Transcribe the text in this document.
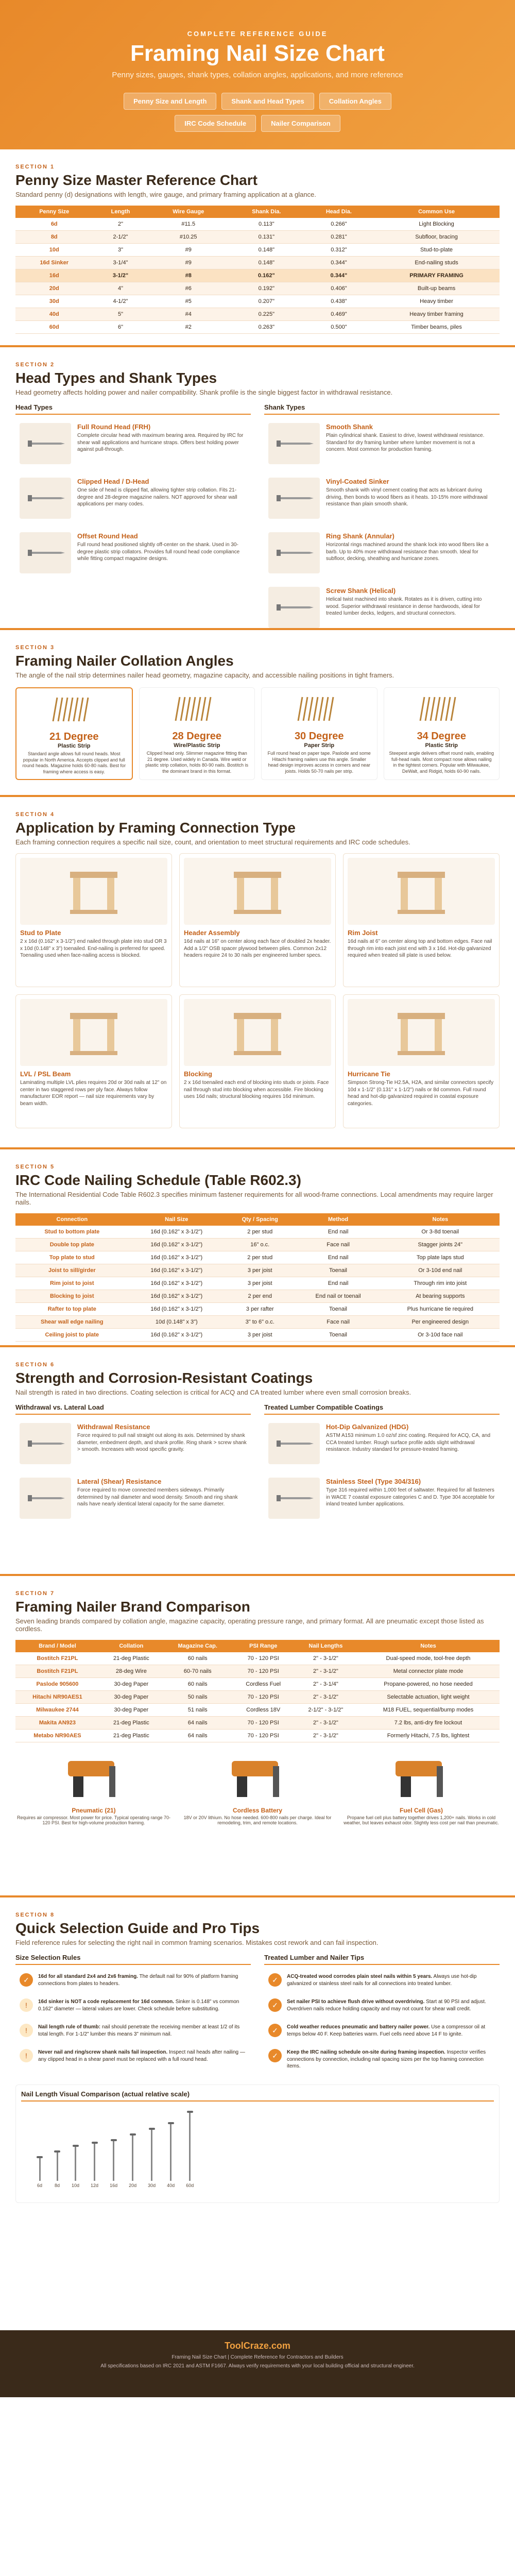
COMPLETE REFERENCE GUIDE
Framing Nail Size Chart
Penny sizes, gauges, shank types, collation angles, applications, and more reference
Penny Size and Length	Shank and Head Types	Collation Angles
IRC Code Schedule	Nailer Comparison
SECTION 1
Penny Size Master Reference Chart
Standard penny (d) designations with length, wire gauge, and primary framing application at a glance.
Penny Size	Length	Wire Gauge	Shank Dia.	Head Dia.	Common Use
6d	2"	#11.5	0.113"	0.266"	Light Blocking
8d	2-1/2"	#10.25	0.131"	0.281"	Subfloor, bracing
10d	3"	#9	0.148"	0.312"	Stud-to-plate
16d Sinker	3-1/4"	#9	0.148"	0.344"	End-nailing studs
16d	3-1/2"	#8	0.162"	0.344"	PRIMARY FRAMING
20d	4"	#6	0.192"	0.406"	Built-up beams
30d	4-1/2"	#5	0.207"	0.438"	Heavy timber
40d	5"	#4	0.225"	0.469"	Heavy timber framing
60d	6"	#2	0.263"	0.500"	Timber beams, piles
SECTION 2
Head Types and Shank Types
Head geometry affects holding power and nailer compatibility. Shank profile is the single biggest factor in withdrawal resistance.
Head Types
Full Round Head (FRH)
Complete circular head with maximum bearing area. Required by IRC for shear wall applications and hurricane straps. Offers best holding power against pull-through.
Clipped Head / D-Head
One side of head is clipped flat, allowing tighter strip collation. Fits 21-degree and 28-degree magazine nailers. NOT approved for shear wall applications per many codes.
Offset Round Head
Full round head positioned slightly off-center on the shank. Used in 30-degree plastic strip collators. Provides full round head code compliance while fitting compact magazine designs.
Shank Types
Smooth Shank
Plain cylindrical shank. Easiest to drive, lowest withdrawal resistance. Standard for dry framing lumber where lumber movement is not a concern. Most common for production framing.
Vinyl-Coated Sinker
Smooth shank with vinyl cement coating that acts as lubricant during driving, then bonds to wood fibers as it heats. 10-15% more withdrawal resistance than plain smooth shank.
Ring Shank (Annular)
Horizontal rings machined around the shank lock into wood fibers like a barb. Up to 40% more withdrawal resistance than smooth. Ideal for subfloor, decking, sheathing and hurricane zones.
Screw Shank (Helical)
Helical twist machined into shank. Rotates as it is driven, cutting into wood. Superior withdrawal resistance in dense hardwoods, ideal for treated lumber decks, ledgers, and structural connectors.
SECTION 3
Framing Nailer Collation Angles
The angle of the nail strip determines nailer head geometry, magazine capacity, and accessible nailing positions in tight framers.
21 Degree
Plastic Strip
Standard angle allows full round heads. Most popular in North America. Accepts clipped and full round heads. Magazine holds 60-80 nails. Best for framing where access is easy.
28 Degree
Wire/Plastic Strip
Clipped head only. Slimmer magazine fitting than 21 degree. Used widely in Canada. Wire weld or plastic strip collation, holds 80-90 nails. Bostitch is the dominant brand in this format.
30 Degree
Paper Strip
Full round head on paper tape. Paslode and some Hitachi framing nailers use this angle. Smaller head design improves access in corners and near joists. Holds 50-70 nails per strip.
34 Degree
Plastic Strip
Steepest angle delivers offset round nails, enabling full-head nails. Most compact nose allows nailing in the tightest corners. Popular with Milwaukee, DeWalt, and Ridgid, holds 60-90 nails.
SECTION 4
Application by Framing Connection Type
Each framing connection requires a specific nail size, count, and orientation to meet structural requirements and IRC code schedules.
Stud to Plate
2 x 16d (0.162" x 3-1/2") end nailed through plate into stud OR 3 x 10d (0.148" x 3") toenailed. End-nailing is preferred for speed. Toenailing used when face-nailing access is blocked.
Header Assembly
16d nails at 16" on center along each face of doubled 2x header. Add a 1/2" OSB spacer plywood between plies. Common 2x12 headers require 24 to 30 nails per engineered lumber specs.
Rim Joist
16d nails at 6" on center along top and bottom edges. Face nail through rim into each joist end with 3 x 16d. Hot-dip galvanized required when treated sill plate is used below.
LVL / PSL Beam
Laminating multiple LVL plies requires 20d or 30d nails at 12" on center in two staggered rows per ply face. Always follow manufacturer EOR report — nail size requirements vary by beam width.
Blocking
2 x 16d toenailed each end of blocking into studs or joists. Face nail through stud into blocking when accessible. Fire blocking uses 16d nails; structural blocking requires 16d minimum.
Hurricane Tie
Simpson Strong-Tie H2.5A, H2A, and similar connectors specify 10d x 1-1/2" (0.131" x 1-1/2") nails or 8d common. Full round head and hot-dip galvanized required in coastal exposure categories.
SECTION 5
IRC Code Nailing Schedule (Table R602.3)
The International Residential Code Table R602.3 specifies minimum fastener requirements for all wood-frame connections. Local amendments may require larger nails.
Connection	Nail Size	Qty / Spacing	Method	Notes
Stud to bottom plate	16d (0.162" x 3-1/2")	2 per stud	End nail	Or 3-8d toenail
Double top plate	16d (0.162" x 3-1/2")	16" o.c.	Face nail	Stagger joints 24"
Top plate to stud	16d (0.162" x 3-1/2")	2 per stud	End nail	Top plate laps stud
Joist to sill/girder	16d (0.162" x 3-1/2")	3 per joist	Toenail	Or 3-10d end nail
Rim joist to joist	16d (0.162" x 3-1/2")	3 per joist	End nail	Through rim into joist
Blocking to joist	16d (0.162" x 3-1/2")	2 per end	End nail or toenail	At bearing supports
Rafter to top plate	16d (0.162" x 3-1/2")	3 per rafter	Toenail	Plus hurricane tie required
Shear wall edge nailing	10d (0.148" x 3")	3" to 6" o.c.	Face nail	Per engineered design
Ceiling joist to plate	16d (0.162" x 3-1/2")	3 per joist	Toenail	Or 3-10d face nail
SECTION 6
Strength and Corrosion-Resistant Coatings
Nail strength is rated in two directions. Coating selection is critical for ACQ and CA treated lumber where even small corrosion breaks.
Withdrawal vs. Lateral Load
Withdrawal Resistance
Force required to pull nail straight out along its axis. Determined by shank diameter, embedment depth, and shank profile. Ring shank > screw shank > smooth. Increases with wood specific gravity.
Lateral (Shear) Resistance
Force required to move connected members sideways. Primarily determined by nail diameter and wood density. Smooth and ring shank nails have nearly identical lateral capacity for the same diameter.
Treated Lumber Compatible Coatings
Hot-Dip Galvanized (HDG)
ASTM A153 minimum 1.0 oz/sf zinc coating. Required for ACQ, CA, and CCA treated lumber. Rough surface profile adds slight withdrawal resistance. Industry standard for pressure-treated framing.
Stainless Steel (Type 304/316)
Type 316 required within 1,000 feet of saltwater. Required for all fasteners in WACE 7 coastal exposure categories C and D. Type 304 acceptable for inland treated lumber applications.
SECTION 7
Framing Nailer Brand Comparison
Seven leading brands compared by collation angle, magazine capacity, operating pressure range, and primary format. All are pneumatic except those listed as cordless.
Brand / Model	Collation	Magazine Cap.	PSI Range	Nail Lengths	Notes
Bostitch F21PL	21-deg Plastic	60 nails	70 - 120 PSI	2" - 3-1/2"	Dual-speed mode, tool-free depth
Bostitch F21PL	28-deg Wire	60-70 nails	70 - 120 PSI	2" - 3-1/2"	Metal connector plate mode
Paslode 905600	30-deg Paper	60 nails	Cordless Fuel	2" - 3-1/4"	Propane-powered, no hose needed
Hitachi NR90AES1	30-deg Paper	50 nails	70 - 120 PSI	2" - 3-1/2"	Selectable actuation, light weight
Milwaukee 2744	30-deg Paper	51 nails	Cordless 18V	2-1/2" - 3-1/2"	M18 FUEL, sequential/bump modes
Makita AN923	21-deg Plastic	64 nails	70 - 120 PSI	2" - 3-1/2"	7.2 lbs, anti-dry fire lockout
Metabo NR90AES	21-deg Plastic	64 nails	70 - 120 PSI	2" - 3-1/2"	Formerly Hitachi, 7.5 lbs, lightest
Pneumatic (21)
Requires air compressor. Most power for price. Typical operating range 70-120 PSI. Best for high-volume production framing.
Cordless Battery
18V or 20V lithium. No hose needed. 600-800 nails per charge. Ideal for remodeling, trim, and remote locations.
Fuel Cell (Gas)
Propane fuel cell plus battery together drives 1,200+ nails. Works in cold weather, but leaves exhaust odor. Slightly less cost per nail than pneumatic.
SECTION 8
Quick Selection Guide and Pro Tips
Field reference rules for selecting the right nail in common framing scenarios. Mistakes cost rework and can fail inspection.
Size Selection Rules
✓	16d for all standard 2x4 and 2x6 framing. The default nail for 90% of platform framing connections from plates to headers.
!	16d sinker is NOT a code replacement for 16d common. Sinker is 0.148" vs common 0.162" diameter — lateral values are lower. Check schedule before substituting.
!	Nail length rule of thumb: nail should penetrate the receiving member at least 1/2 of its total length. For 1-1/2" lumber this means 3" minimum nail.
!	Never nail and ring/screw shank nails fail inspection. Inspect nail heads after nailing — any clipped head in a shear panel must be replaced with a full round head.
Treated Lumber and Nailer Tips
✓	ACQ-treated wood corrodes plain steel nails within 5 years. Always use hot-dip galvanized or stainless steel nails for all connections into treated lumber.
✓	Set nailer PSI to achieve flush drive without overdriving. Start at 90 PSI and adjust. Overdriven nails reduce holding capacity and may not count for shear wall credit.
✓	Cold weather reduces pneumatic and battery nailer power. Use a compressor oil at temps below 40 F. Keep batteries warm. Fuel cells need above 14 F to ignite.
✓	Keep the IRC nailing schedule on-site during framing inspection. Inspector verifies connections by connection, including nail spacing sizes per the top framing connection items.
Nail Length Visual Comparison (actual relative scale)
6d	8d	10d 12d 16d 20d 30d 40d 60d
ToolCraze.com
Framing Nail Size Chart | Complete Reference for Contractors and Builders
All specifications based on IRC 2021 and ASTM F1667. Always verify requirements with your local building official and structural engineer.
